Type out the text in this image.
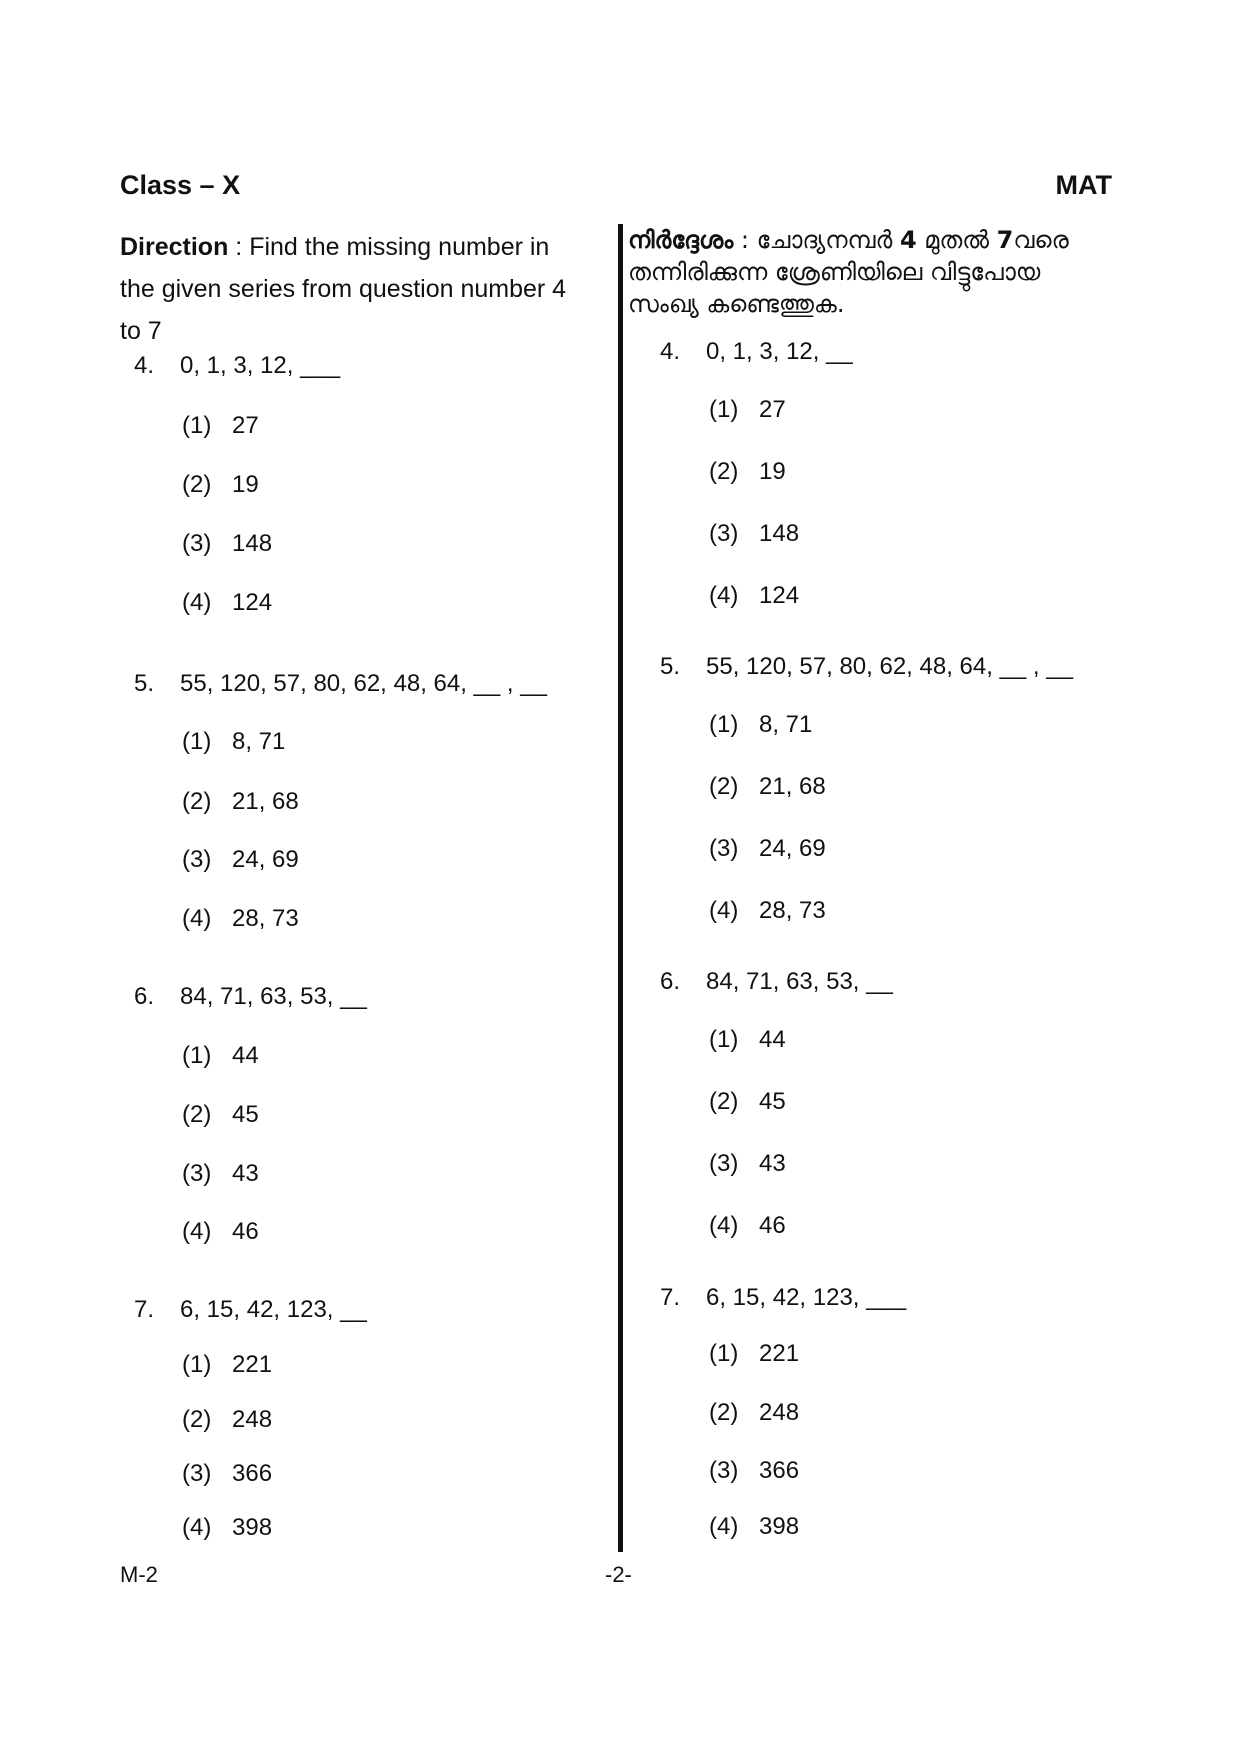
Class – X	MAT
Direction : Find the missing number in the given series from question number 4 to 7
നിർദ്ദേശം : ചോദ്യനമ്പർ 4 മുതൽ 7വരെ തന്നിരിക്കുന്ന ശ്രേണിയിലെ വിട്ടുപോയ സംഖ്യ കണ്ടെത്തുക.
4. 0, 1, 3, 12, ___
(1) 27
(2) 19
(3) 148
(4) 124
5. 55, 120, 57, 80, 62, 48, 64, __ , __
(1) 8, 71
(2) 21, 68
(3) 24, 69
(4) 28, 73
6. 84, 71, 63, 53, __
(1) 44
(2) 45
(3) 43
(4) 46
7. 6, 15, 42, 123, __
(1) 221
(2) 248
(3) 366
(4) 398
4. 0, 1, 3, 12, __
(1) 27
(2) 19
(3) 148
(4) 124
5. 55, 120, 57, 80, 62, 48, 64, __ , __
(1) 8, 71
(2) 21, 68
(3) 24, 69
(4) 28, 73
6. 84, 71, 63, 53, __
(1) 44
(2) 45
(3) 43
(4) 46
7. 6, 15, 42, 123, ___
(1) 221
(2) 248
(3) 366
(4) 398
M-2	-2-
